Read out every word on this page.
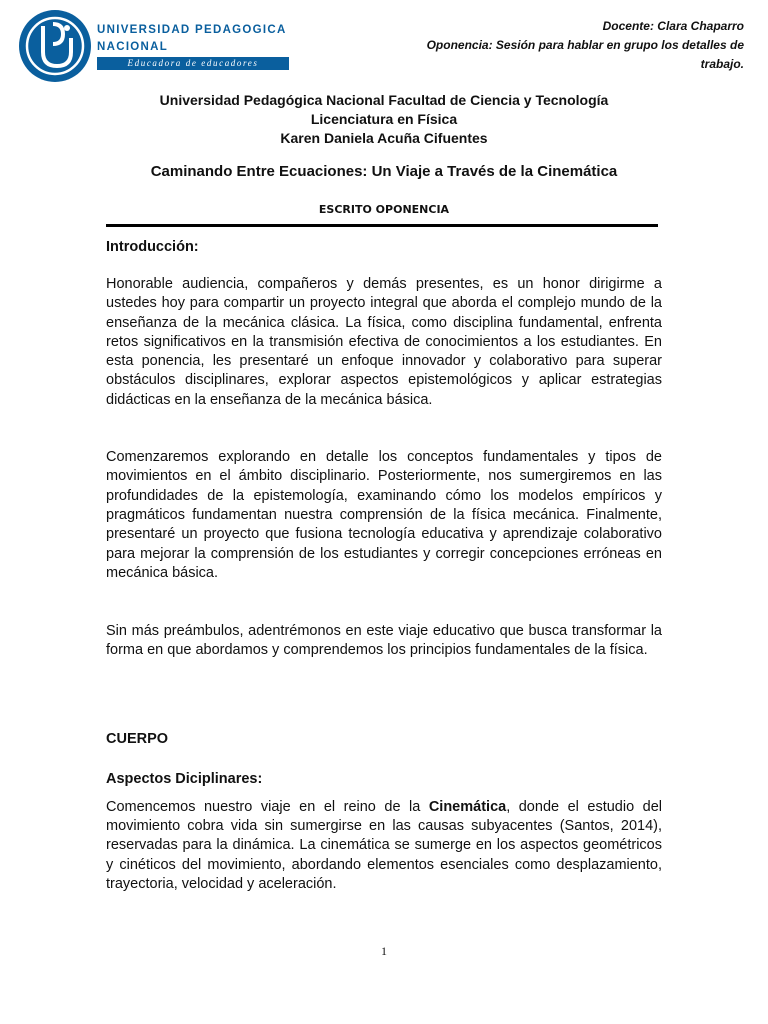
UNIVERSIDAD PEDAGOGICA
NACIONAL
Educadora de educadores
Docente: Clara Chaparro
Oponencia: Sesión para hablar en grupo los detalles de
trabajo.
Universidad Pedagógica Nacional Facultad de Ciencia y Tecnología
Licenciatura en Física
Karen Daniela Acuña Cifuentes
Caminando Entre Ecuaciones: Un Viaje a Través de la Cinemática
ESCRITO OPONENCIA
Introducción:

Honorable audiencia, compañeros y demás presentes, es un honor dirigirme a ustedes hoy para compartir un proyecto integral que aborda el complejo mundo de la enseñanza de la mecánica clásica. La física, como disciplina fundamental, enfrenta retos significativos en la transmisión efectiva de conocimientos a los estudiantes. En esta ponencia, les presentaré un enfoque innovador y colaborativo para superar obstáculos disciplinares, explorar aspectos epistemológicos y aplicar estrategias didácticas en la enseñanza de la mecánica básica.

Comenzaremos explorando en detalle los conceptos fundamentales y tipos de movimientos en el ámbito disciplinario. Posteriormente, nos sumergiremos en las profundidades de la epistemología, examinando cómo los modelos empíricos y pragmáticos fundamentan nuestra comprensión de la física mecánica. Finalmente, presentaré un proyecto que fusiona tecnología educativa y aprendizaje colaborativo para mejorar la comprensión de los estudiantes y corregir concepciones erróneas en mecánica básica.

Sin más preámbulos, adentrémonos en este viaje educativo que busca transformar la forma en que abordamos y comprendemos los principios fundamentales de la física.

CUERPO
Aspectos Diciplinares:

Comencemos nuestro viaje en el reino de la Cinemática, donde el estudio del movimiento cobra vida sin sumergirse en las causas subyacentes (Santos, 2014), reservadas para la dinámica. La cinemática se sumerge en los aspectos geométricos y cinéticos del movimiento, abordando elementos esenciales como desplazamiento, trayectoria, velocidad y aceleración.

1
